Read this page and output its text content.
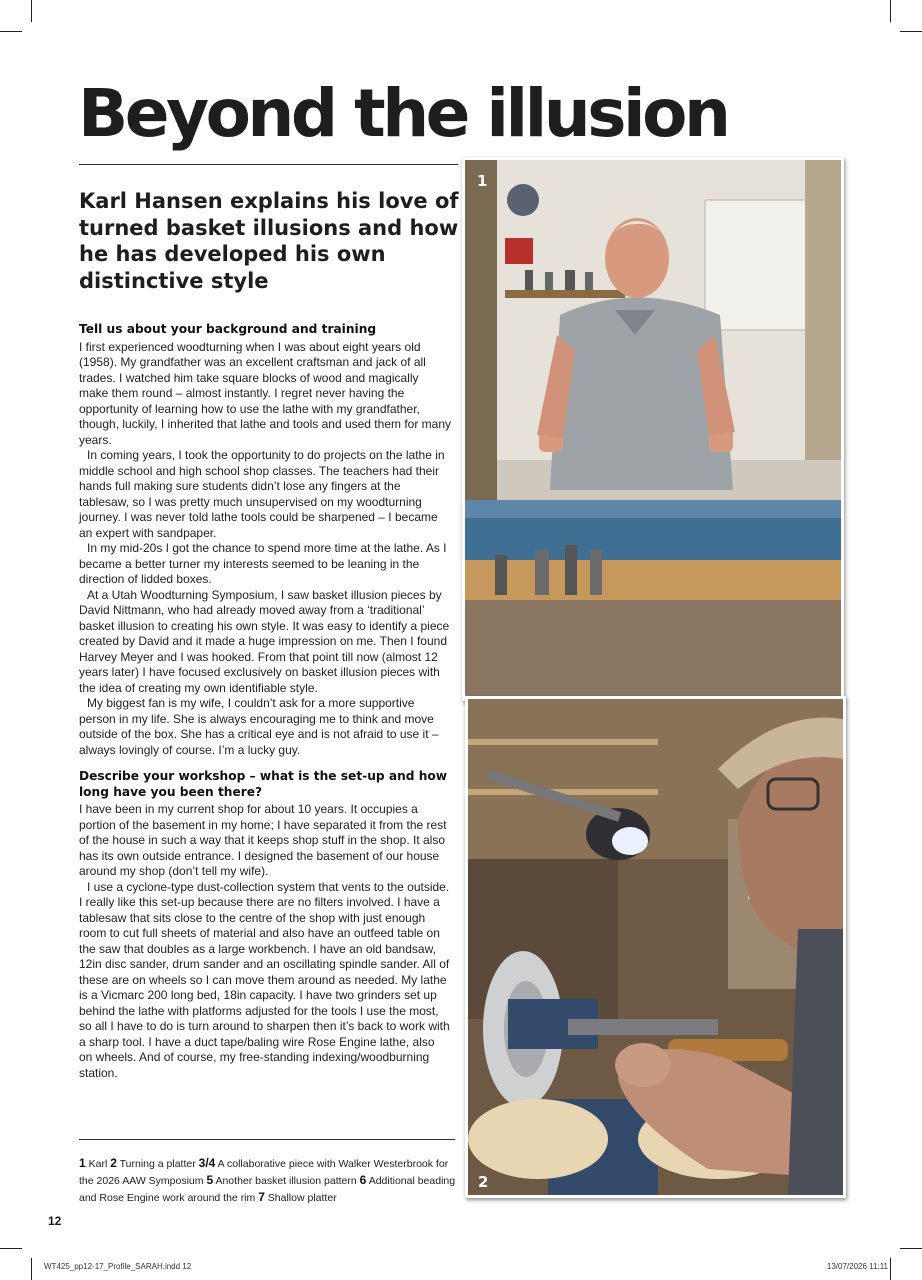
Beyond the illusion
Karl Hansen explains his love of turned basket illusions and how he has developed his own distinctive style
Tell us about your background and training

I first experienced woodturning when I was about eight years old (1958). My grandfather was an excellent craftsman and jack of all trades. I watched him take square blocks of wood and magically make them round – almost instantly. I regret never having the opportunity of learning how to use the lathe with my grandfather, though, luckily, I inherited that lathe and tools and used them for many years.

In coming years, I took the opportunity to do projects on the lathe in middle school and high school shop classes. The teachers had their hands full making sure students didn’t lose any fingers at the tablesaw, so I was pretty much unsupervised on my woodturning journey. I was never told lathe tools could be sharpened – I became an expert with sandpaper.

In my mid-20s I got the chance to spend more time at the lathe. As I became a better turner my interests seemed to be leaning in the direction of lidded boxes.

At a Utah Woodturning Symposium, I saw basket illusion pieces by David Nittmann, who had already moved away from a ‘traditional’ basket illusion to creating his own style. It was easy to identify a piece created by David and it made a huge impression on me. Then I found Harvey Meyer and I was hooked. From that point till now (almost 12 years later) I have focused exclusively on basket illusion pieces with the idea of creating my own identifiable style.

My biggest fan is my wife, I couldn’t ask for a more supportive person in my life. She is always encouraging me to think and move outside of the box. She has a critical eye and is not afraid to use it – always lovingly of course. I’m a lucky guy.

Describe your workshop – what is the set-up and how long have you been there?

I have been in my current shop for about 10 years. It occupies a portion of the basement in my home; I have separated it from the rest of the house in such a way that it keeps shop stuff in the shop. It also has its own outside entrance. I designed the basement of our house around my shop (don’t tell my wife).

I use a cyclone-type dust-collection system that vents to the outside. I really like this set-up because there are no filters involved. I have a tablesaw that sits close to the centre of the shop with just enough room to cut full sheets of material and also have an outfeed table on the saw that doubles as a large workbench. I have an old bandsaw, 12in disc sander, drum sander and an oscillating spindle sander. All of these are on wheels so I can move them around as needed. My lathe is a Vicmarc 200 long bed, 18in capacity. I have two grinders set up behind the lathe with platforms adjusted for the tools I use the most, so all I have to do is turn around to sharpen then it’s back to work with a sharp tool. I have a duct tape/baling wire Rose Engine lathe, also on wheels. And of course, my free-standing indexing/woodburning station.

1 Karl 2 Turning a platter 3/4 A collaborative piece with Walker Westerbrook for the 2026 AAW Symposium 5 Another basket illusion pattern 6 Additional beading and Rose Engine work around the rim 7 Shallow platter
12
WT425_pp12-17_Profile_SARAH.indd 12	13/07/2026 11:11
1
2
